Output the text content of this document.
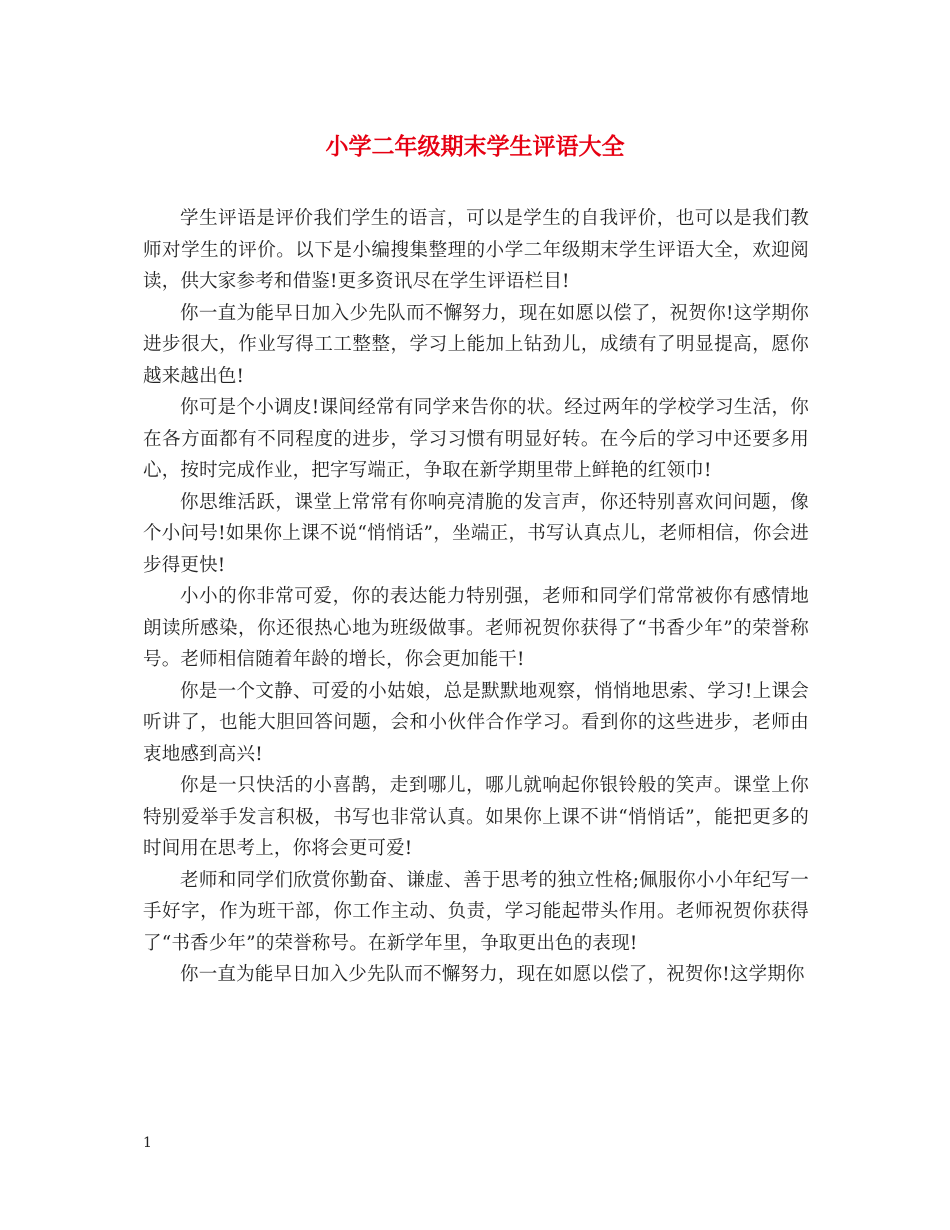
小学二年级期末学生评语大全

学生评语是评价我们学生的语言，可以是学生的自我评价，也可以是我们教师对学生的评价。以下是小编搜集整理的小学二年级期末学生评语大全，欢迎阅读，供大家参考和借鉴!更多资讯尽在学生评语栏目!

你一直为能早日加入少先队而不懈努力，现在如愿以偿了，祝贺你!这学期你进步很大，作业写得工工整整，学习上能加上钻劲儿，成绩有了明显提高，愿你越来越出色!

你可是个小调皮!课间经常有同学来告你的状。经过两年的学校学习生活，你在各方面都有不同程度的进步，学习习惯有明显好转。在今后的学习中还要多用心，按时完成作业，把字写端正，争取在新学期里带上鲜艳的红领巾!

你思维活跃，课堂上常常有你响亮清脆的发言声，你还特别喜欢问问题，像个小问号!如果你上课不说“悄悄话”，坐端正，书写认真点儿，老师相信，你会进步得更快!

小小的你非常可爱，你的表达能力特别强，老师和同学们常常被你有感情地朗读所感染，你还很热心地为班级做事。老师祝贺你获得了“书香少年”的荣誉称号。老师相信随着年龄的增长，你会更加能干!

你是一个文静、可爱的小姑娘，总是默默地观察，悄悄地思索、学习!上课会听讲了，也能大胆回答问题，会和小伙伴合作学习。看到你的这些进步，老师由衷地感到高兴!

你是一只快活的小喜鹊，走到哪儿，哪儿就响起你银铃般的笑声。课堂上你特别爱举手发言积极，书写也非常认真。如果你上课不讲“悄悄话”，能把更多的时间用在思考上，你将会更可爱!

老师和同学们欣赏你勤奋、谦虚、善于思考的独立性格;佩服你小小年纪写一手好字，作为班干部，你工作主动、负责，学习能起带头作用。老师祝贺你获得了“书香少年”的荣誉称号。在新学年里，争取更出色的表现!

你一直为能早日加入少先队而不懈努力，现在如愿以偿了，祝贺你!这学期你

1
